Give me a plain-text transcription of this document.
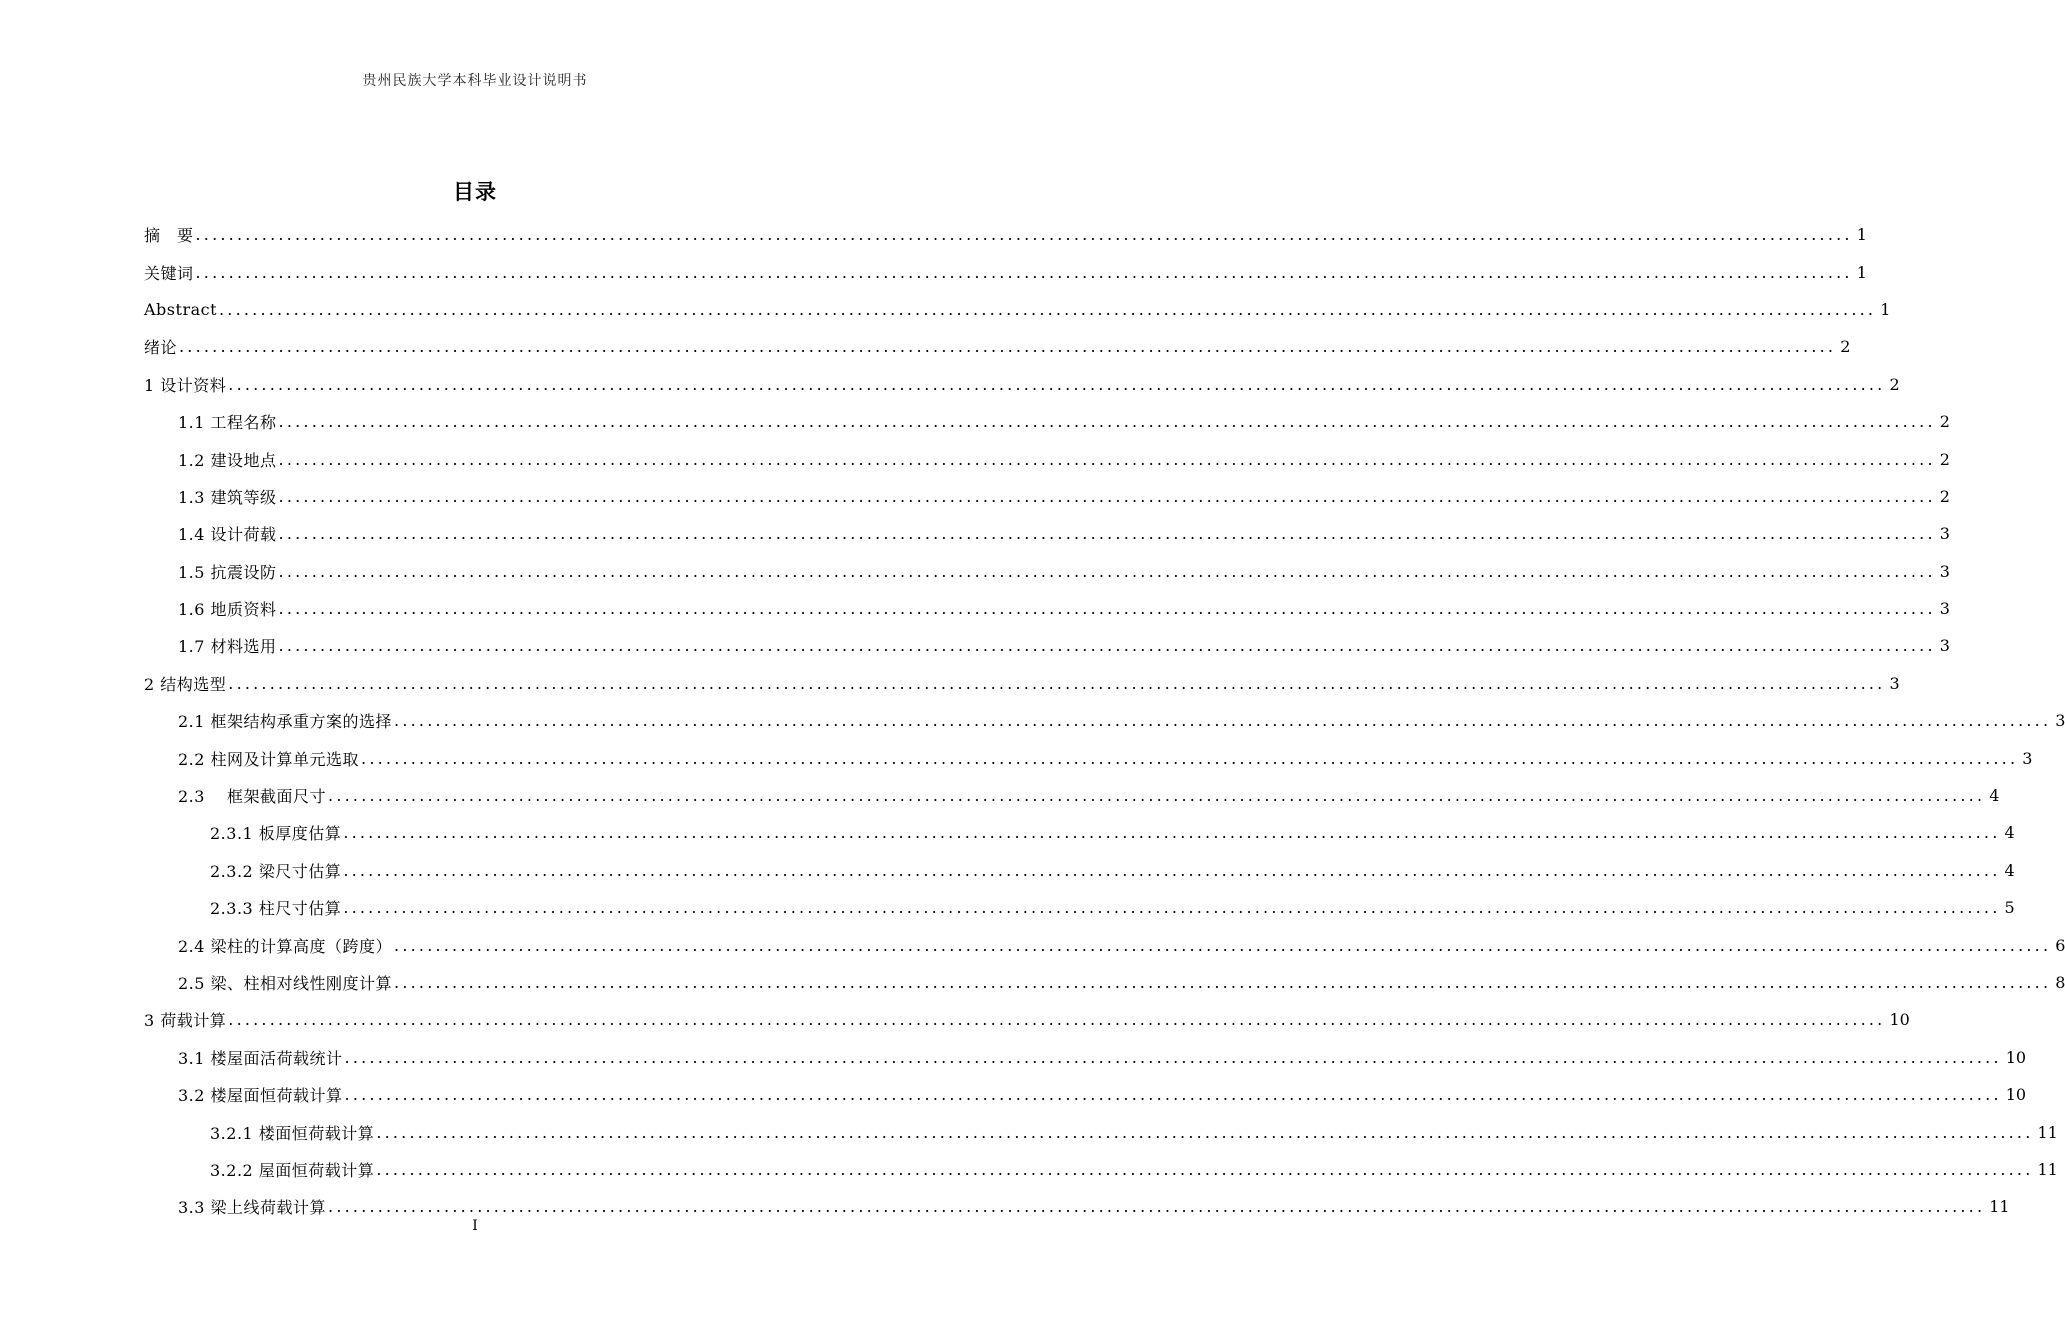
贵州民族大学本科毕业设计说明书
目录
摘　要 ........................................................................................................................................................................................................ 1
关键词 ........................................................................................................................................................................................................ 1
Abstract ........................................................................................................................................................................................................ 1
绪论 ........................................................................................................................................................................................................ 2
1 设计资料 ........................................................................................................................................................................................................ 2
1.1 工程名称 ........................................................................................................................................................................................................ 2
1.2 建设地点 ........................................................................................................................................................................................................ 2
1.3 建筑等级 ........................................................................................................................................................................................................ 2
1.4 设计荷载 ........................................................................................................................................................................................................ 3
1.5 抗震设防 ........................................................................................................................................................................................................ 3
1.6 地质资料 ........................................................................................................................................................................................................ 3
1.7 材料选用 ........................................................................................................................................................................................................ 3
2 结构选型 ........................................................................................................................................................................................................ 3
2.1 框架结构承重方案的选择 ........................................................................................................................................................................................................ 3
2.2 柱网及计算单元选取 ........................................................................................................................................................................................................ 3
2.3　 框架截面尺寸 ........................................................................................................................................................................................................ 4
2.3.1 板厚度估算 ........................................................................................................................................................................................................ 4
2.3.2 梁尺寸估算 ........................................................................................................................................................................................................ 4
2.3.3 柱尺寸估算 ........................................................................................................................................................................................................ 5
2.4 梁柱的计算高度（跨度） ........................................................................................................................................................................................................ 6
2.5 梁、柱相对线性刚度计算 ........................................................................................................................................................................................................ 8
3 荷载计算 ........................................................................................................................................................................................................ 10
3.1 楼屋面活荷载统计 ........................................................................................................................................................................................................ 10
3.2 楼屋面恒荷载计算 ........................................................................................................................................................................................................ 10
3.2.1 楼面恒荷载计算 ........................................................................................................................................................................................................ 11
3.2.2 屋面恒荷载计算 ........................................................................................................................................................................................................ 11
3.3 梁上线荷载计算 ........................................................................................................................................................................................................ 11
I
